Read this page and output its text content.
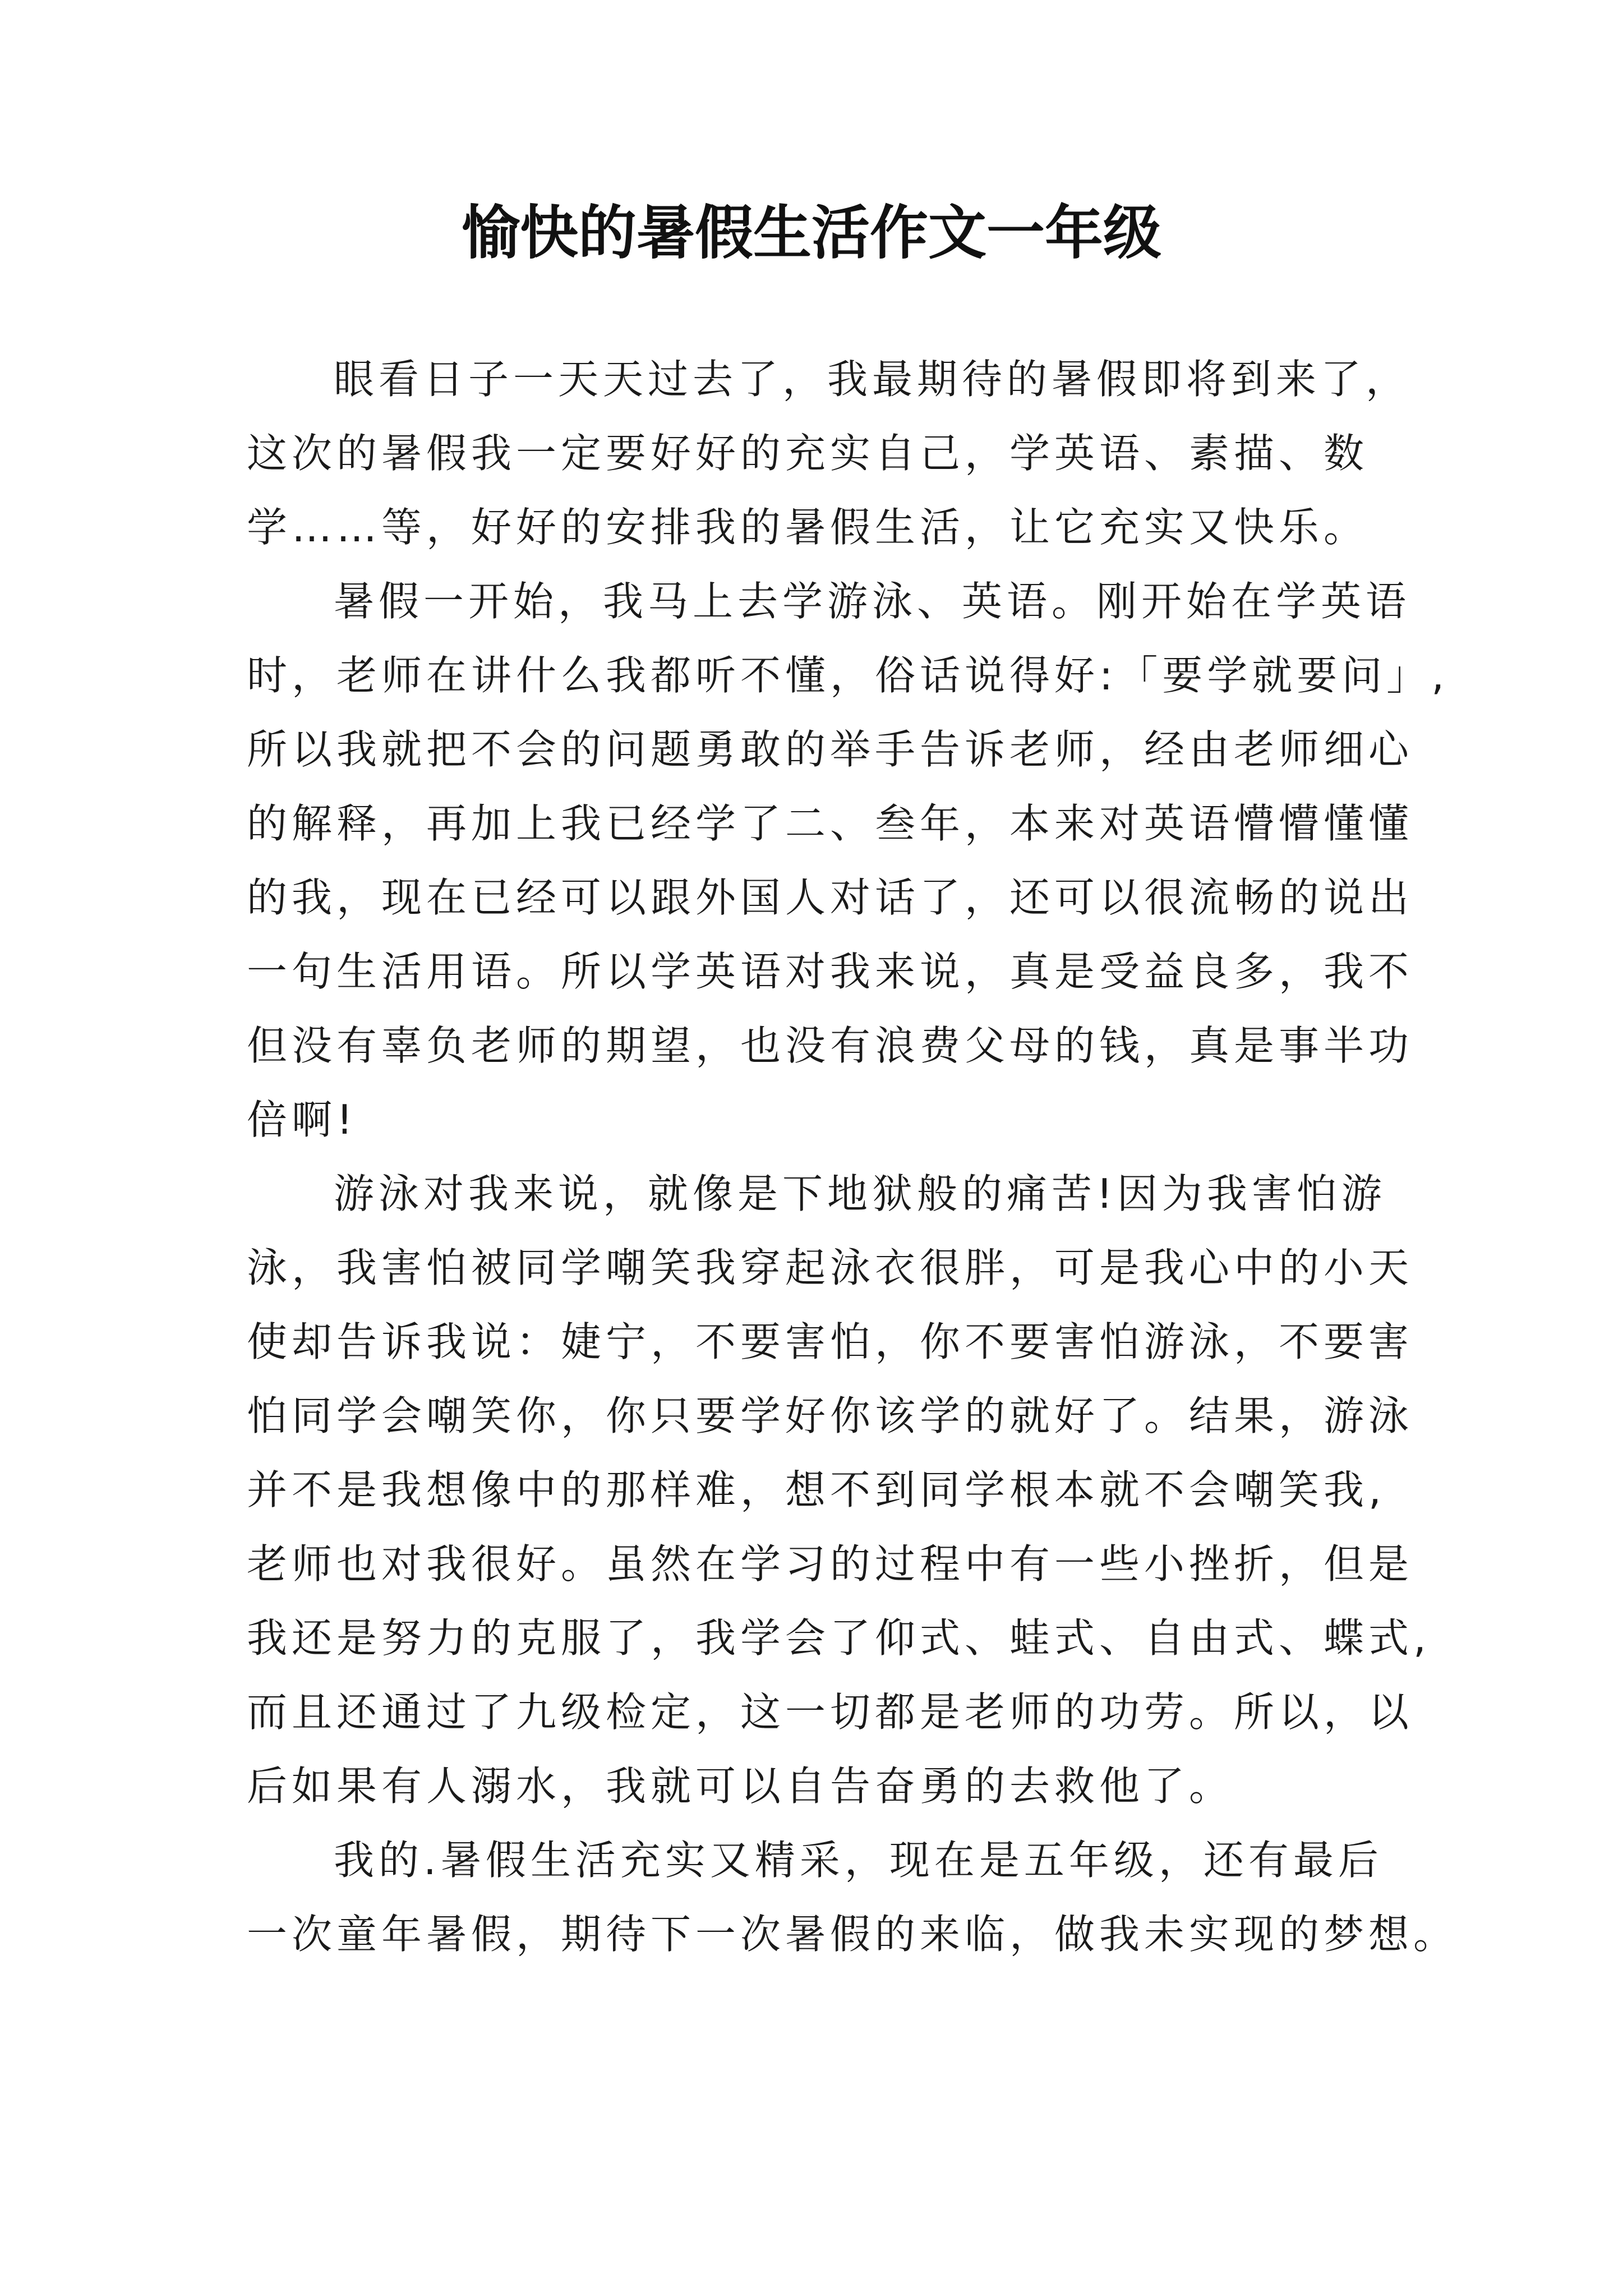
愉快的暑假生活作文一年级
眼看日子一天天过去了，我最期待的暑假即将到来了，
这次的暑假我一定要好好的充实自己，学英语、素描、数
学……等，好好的安排我的暑假生活，让它充实又快乐。
暑假一开始，我马上去学游泳、英语。刚开始在学英语
时，老师在讲什么我都听不懂，俗话说得好:「要学就要问」,
所以我就把不会的问题勇敢的举手告诉老师，经由老师细心
的解释，再加上我已经学了二、叁年，本来对英语懵懵懂懂
的我，现在已经可以跟外国人对话了，还可以很流畅的说出
一句生活用语。所以学英语对我来说，真是受益良多，我不
但没有辜负老师的期望，也没有浪费父母的钱，真是事半功
倍啊!
游泳对我来说，就像是下地狱般的痛苦!因为我害怕游
泳，我害怕被同学嘲笑我穿起泳衣很胖，可是我心中的小天
使却告诉我说：婕宁，不要害怕，你不要害怕游泳，不要害
怕同学会嘲笑你，你只要学好你该学的就好了。结果，游泳
并不是我想像中的那样难，想不到同学根本就不会嘲笑我,
老师也对我很好。虽然在学习的过程中有一些小挫折，但是
我还是努力的克服了，我学会了仰式、蛙式、自由式、蝶式,
而且还通过了九级检定，这一切都是老师的功劳。所以，以
后如果有人溺水，我就可以自告奋勇的去救他了。
我的.暑假生活充实又精采，现在是五年级，还有最后
一次童年暑假，期待下一次暑假的来临，做我未实现的梦想。
